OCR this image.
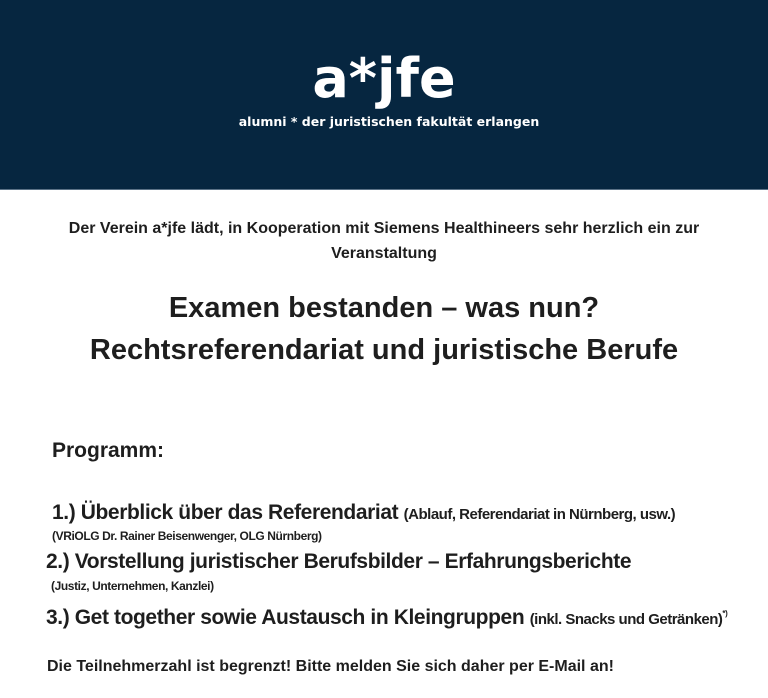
a*jfe
alumni * der juristischen fakultät erlangen
Der Verein a*jfe lädt, in Kooperation mit Siemens Healthineers sehr herzlich ein zur
Veranstaltung
Examen bestanden – was nun?
Rechtsreferendariat und juristische Berufe
Programm:
1.) Überblick über das Referendariat (Ablauf, Referendariat in Nürnberg, usw.)
(VRiOLG Dr. Rainer Beisenwenger, OLG Nürnberg)
2.) Vorstellung juristischer Berufsbilder – Erfahrungsberichte
(Justiz, Unternehmen, Kanzlei)
3.) Get together sowie Austausch in Kleingruppen (inkl. Snacks und Getränken)*)
Die Teilnehmerzahl ist begrenzt! Bitte melden Sie sich daher per E-Mail an!
